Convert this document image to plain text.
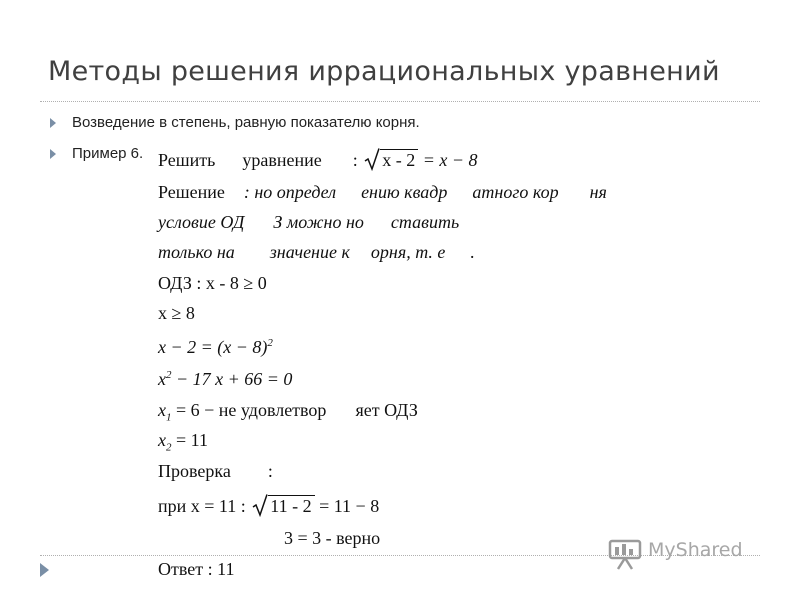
Методы решения иррациональных уравнений
Возведение в степень, равную показателю корня.
Пример 6. Решить уравнение : x - 2 = x − 8
Решение : но определ ению квадр атного кор ня
условие ОД З можно но ставить
только на значение к орня, т. е .
ОДЗ : x - 8 ≥ 0
x ≥ 8
$x - 2 = (x - 8)^2$
$x^2 - 17$ x + 66 = 0
$x_1 = 6$ − не удовлетвор яет ОДЗ
$x_2 = 11$
Проверка :
при x = 11 : 11 - 2 = 11 − 8
3 = 3 - верно
Ответ : 11
MyShared
